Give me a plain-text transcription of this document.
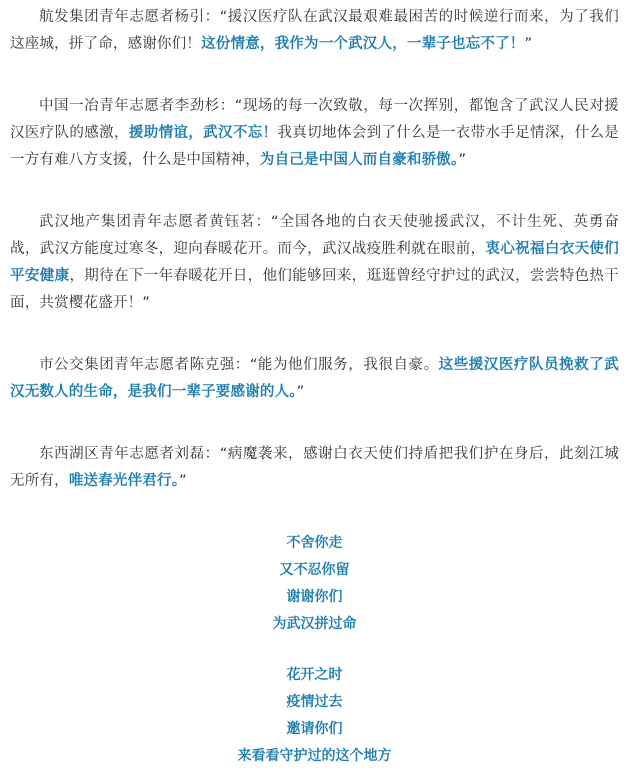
航发集团青年志愿者杨引：“援汉医疗队在武汉最艰难最困苦的时候逆行而来，为了我们这座城，拼了命，感谢你们！这份情意，我作为一个武汉人，一辈子也忘不了！”

中国一冶青年志愿者李劲杉：“现场的每一次致敬，每一次挥别，都饱含了武汉人民对援汉医疗队的感激，援助情谊，武汉不忘！我真切地体会到了什么是一衣带水手足情深，什么是一方有难八方支援，什么是中国精神，为自己是中国人而自豪和骄傲。”

武汉地产集团青年志愿者黄钰茗：“全国各地的白衣天使驰援武汉，不计生死、英勇奋战，武汉方能度过寒冬，迎向春暖花开。而今，武汉战疫胜利就在眼前，衷心祝福白衣天使们平安健康，期待在下一年春暖花开日，他们能够回来，逛逛曾经守护过的武汉，尝尝特色热干面，共赏樱花盛开！”

市公交集团青年志愿者陈克强：“能为他们服务，我很自豪。这些援汉医疗队员挽救了武汉无数人的生命，是我们一辈子要感谢的人。”

东西湖区青年志愿者刘磊：“病魔袭来，感谢白衣天使们持盾把我们护在身后，此刻江城无所有，唯送春光伴君行。”

不舍你走
又不忍你留
谢谢你们
为武汉拼过命
花开之时
疫情过去
邀请你们
来看看守护过的这个地方
